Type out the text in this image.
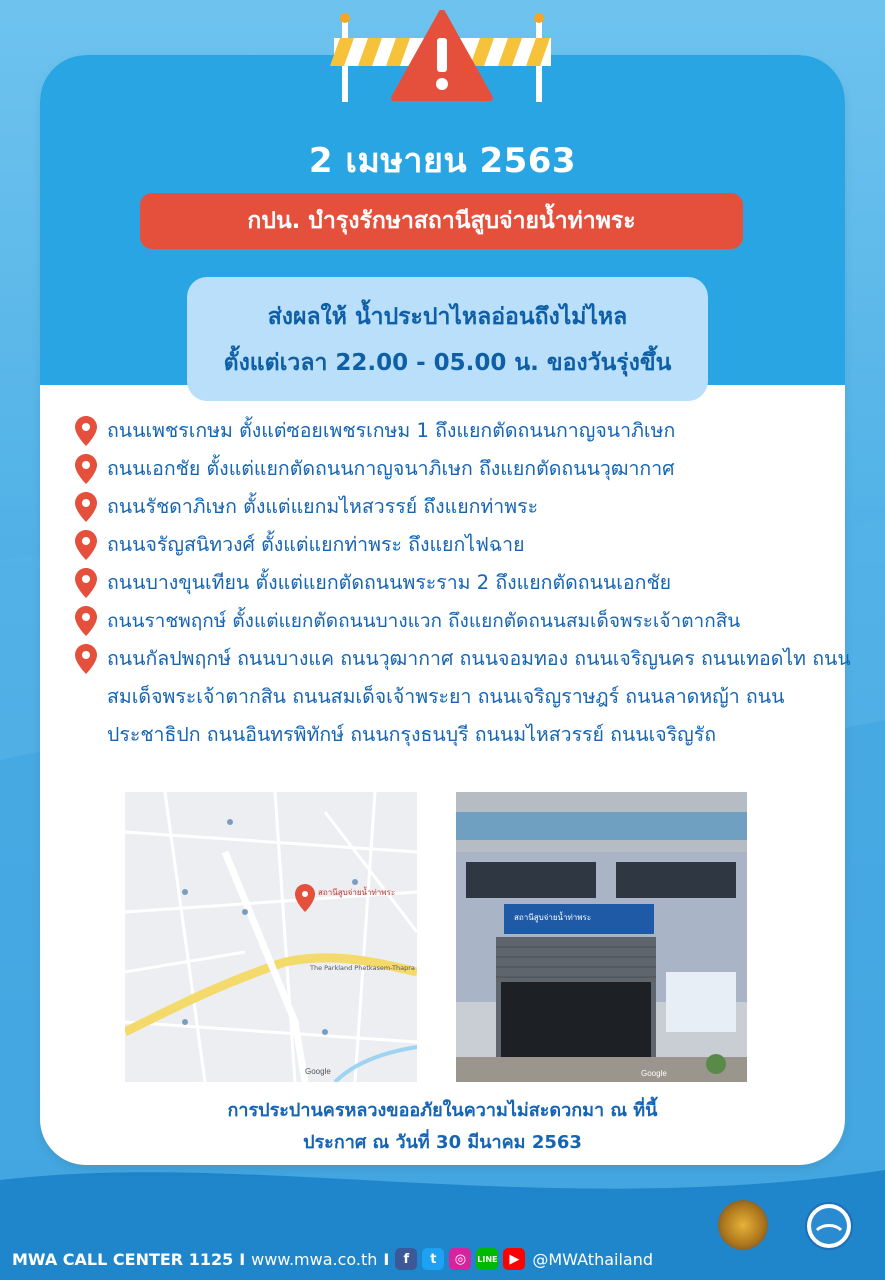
2 เมษายน 2563
กปน. บำรุงรักษาสถานีสูบจ่ายน้ำท่าพระ
ส่งผลให้ น้ำประปาไหลอ่อนถึงไม่ไหล
ตั้งแต่เวลา 22.00 - 05.00 น. ของวันรุ่งขึ้น
ถนนเพชรเกษม ตั้งแต่ซอยเพชรเกษม 1 ถึงแยกตัดถนนกาญจนาภิเษก
ถนนเอกชัย ตั้งแต่แยกตัดถนนกาญจนาภิเษก ถึงแยกตัดถนนวุฒากาศ
ถนนรัชดาภิเษก ตั้งแต่แยกมไหสวรรย์ ถึงแยกท่าพระ
ถนนจรัญสนิทวงศ์ ตั้งแต่แยกท่าพระ ถึงแยกไฟฉาย
ถนนบางขุนเทียน ตั้งแต่แยกตัดถนนพระราม 2 ถึงแยกตัดถนนเอกชัย
ถนนราชพฤกษ์ ตั้งแต่แยกตัดถนนบางแวก ถึงแยกตัดถนนสมเด็จพระเจ้าตากสิน
ถนนกัลปพฤกษ์ ถนนบางแค ถนนวุฒากาศ ถนนจอมทอง ถนนเจริญนคร ถนนเทอดไท ถนนสมเด็จพระเจ้าตากสิน ถนนสมเด็จเจ้าพระยา ถนนเจริญราษฎร์ ถนนลาดหญ้า ถนนประชาธิปก ถนนอินทรพิทักษ์ ถนนกรุงธนบุรี ถนนมไหสวรรย์ ถนนเจริญรัถ
สถานีสูบจ่ายน้ำท่าพระ
The Parkland Phetkasem-Thapra
Google
สถานีสูบจ่ายน้ำท่าพระ
Google
การประปานครหลวงขออภัยในความไม่สะดวกมา ณ ที่นี้
ประกาศ ณ วันที่ 30 มีนาคม 2563
MWA CALL CENTER 1125 I www.mwa.co.th I	f	t	◎	LINE ▶ @MWAthailand
